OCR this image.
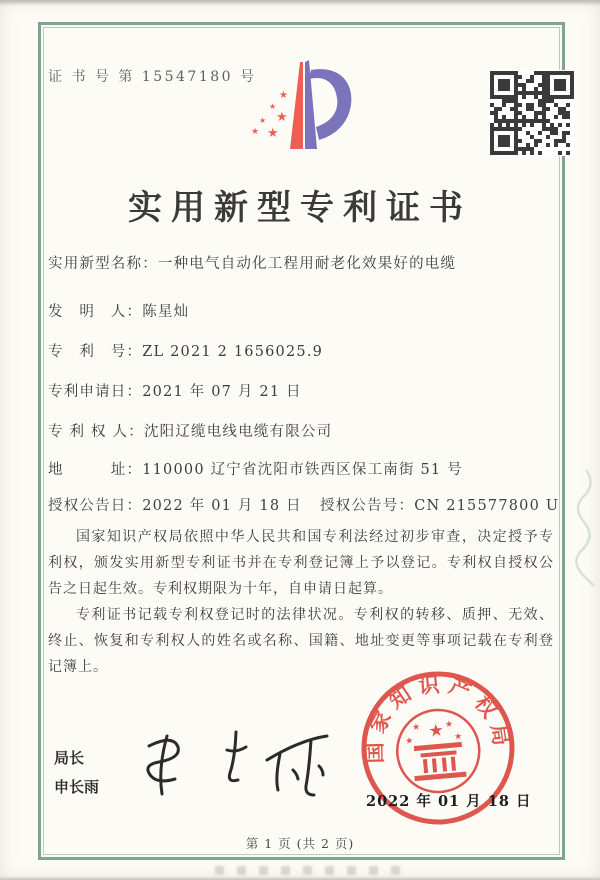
证 书 号 第 15547180 号
★
★
★
★
★
★
实用新型专利证书
实用新型名称：一种电气自动化工程用耐老化效果好的电缆
发　明　人：陈星灿
专　利　号：ZL 2021 2 1656025.9
专利申请日：2021 年 07 月 21 日
专 利 权 人：沈阳辽缆电线电缆有限公司
地　　　址：110000 辽宁省沈阳市铁西区保工南街 51 号
授权公告日：2022 年 01 月 18 日 授权公告号：CN 215577800 U

国家知识产权局依照中华人民共和国专利法经过初步审查，决定授予专利权，颁发实用新型专利证书并在专利登记簿上予以登记。专利权自授权公告之日起生效。专利权期限为十年，自申请日起算。

专利证书记载专利权登记时的法律状况。专利权的转移、质押、无效、终止、恢复和专利权人的姓名或名称、国籍、地址变更等事项记载在专利登记簿上。

局长
申长雨
国家知识产权局
★
★	★
★	★
2022 年 01 月 18 日
第 1 页 (共 2 页)
